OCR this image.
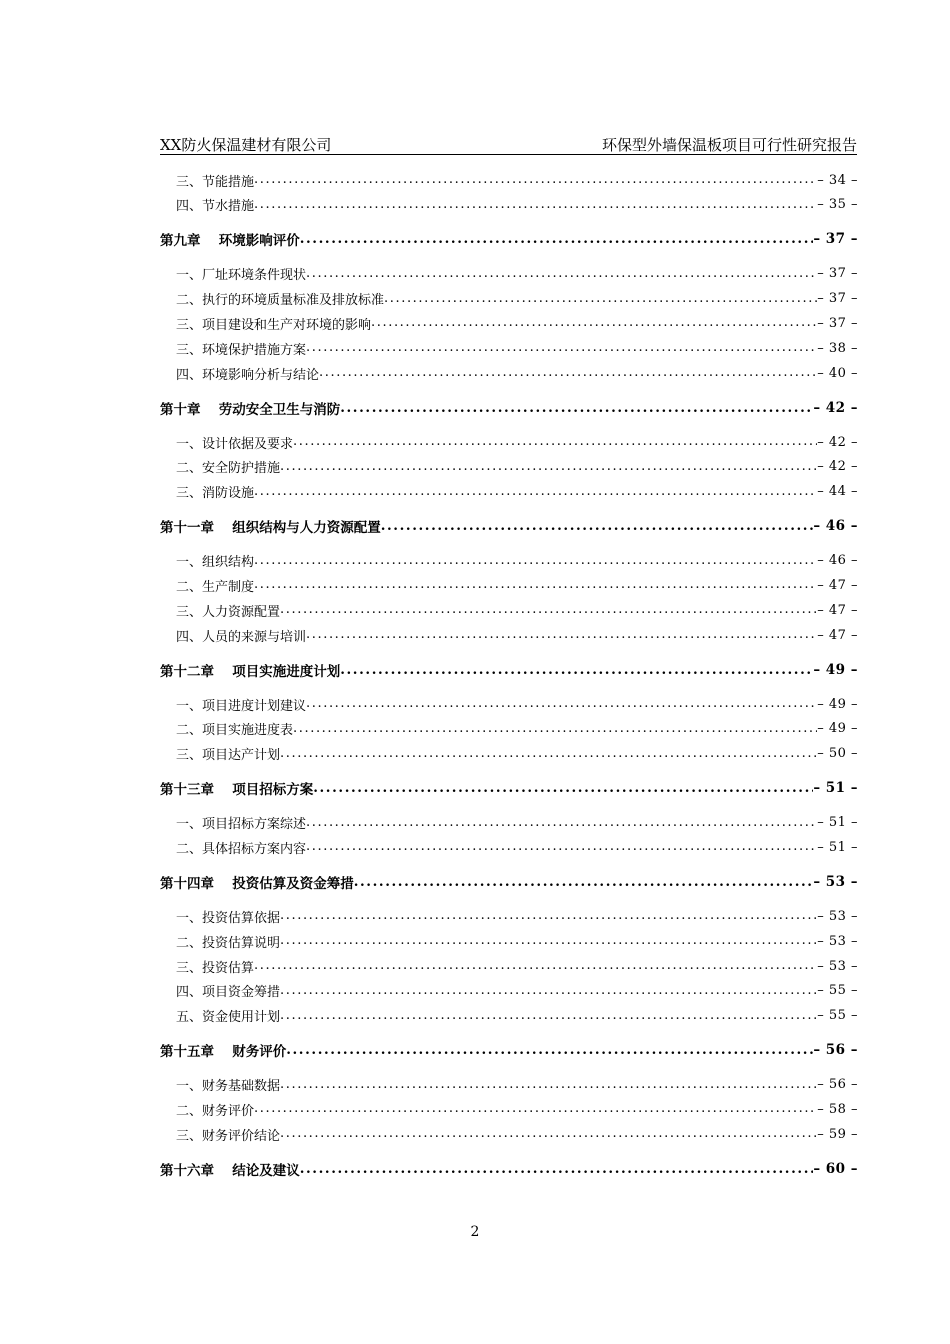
XX防火保温建材有限公司	环保型外墙保温板项目可行性研究报告
三、节能措施 .....	– 34 –
四、节水措施 .....	– 35 –
第九章　 环境影响评价 .....	– 37 –
一、厂址环境条件现状 .....	– 37 –
二、执行的环境质量标准及排放标准 .....	– 37 –
三、项目建设和生产对环境的影响 .....	– 37 –
三、环境保护措施方案 .....	– 38 –
四、环境影响分析与结论 .....	– 40 –
第十章　 劳动安全卫生与消防 .....	– 42 –
一、设计依据及要求 .....	– 42 –
二、安全防护措施 .....	– 42 –
三、消防设施 .....	– 44 –
第十一章　 组织结构与人力资源配置 .....	– 46 –
一、组织结构 .....	– 46 –
二、生产制度 .....	– 47 –
三、人力资源配置 .....	– 47 –
四、人员的来源与培训 .....	– 47 –
第十二章　 项目实施进度计划 .....	– 49 –
一、项目进度计划建议 .....	– 49 –
二、项目实施进度表 .....	– 49 –
三、项目达产计划 .....	– 50 –
第十三章　 项目招标方案 .....	– 51 –
一、项目招标方案综述 .....	– 51 –
二、具体招标方案内容 .....	– 51 –
第十四章　 投资估算及资金筹措 .....	– 53 –
一、投资估算依据 .....	– 53 –
二、投资估算说明 .....	– 53 –
三、投资估算 .....	– 53 –
四、项目资金筹措 .....	– 55 –
五、资金使用计划 .....	– 55 –
第十五章　 财务评价 .....	– 56 –
一、财务基础数据 .....	– 56 –
二、财务评价 .....	– 58 –
三、财务评价结论 .....	– 59 –
第十六章　 结论及建议 .....	– 60 –
2
